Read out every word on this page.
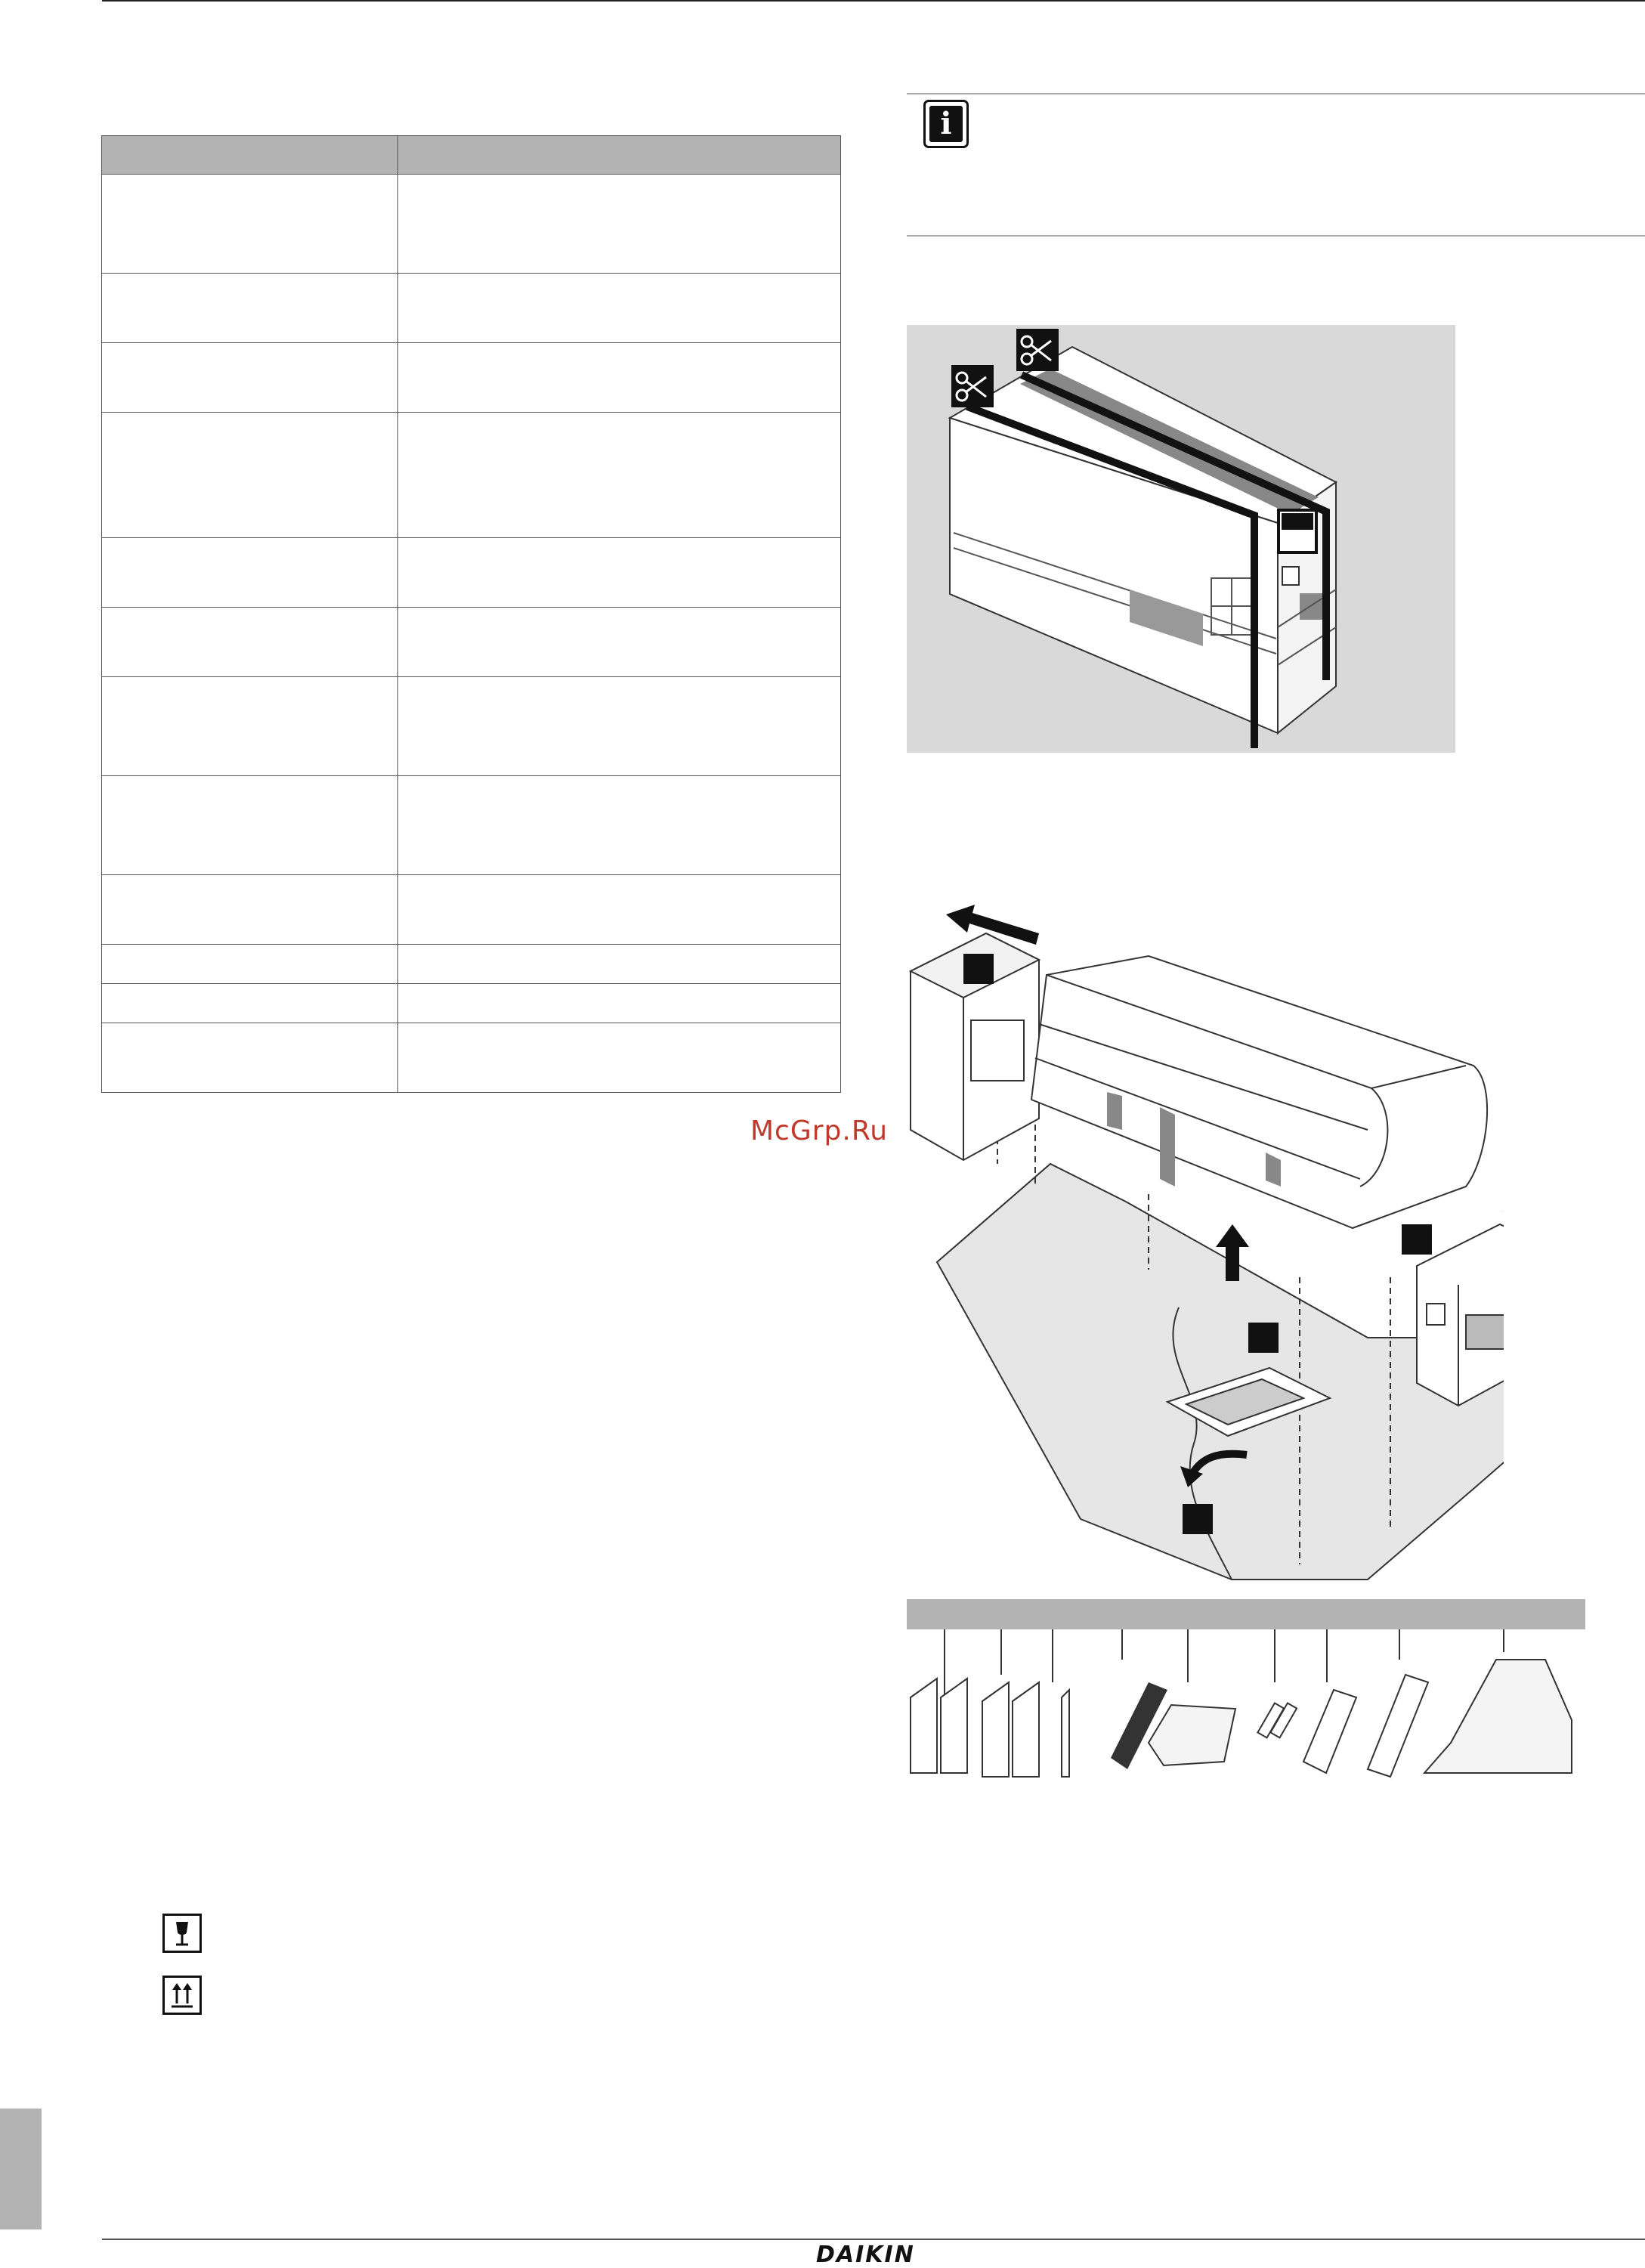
i
McGrp.Ru
DAIKIN
